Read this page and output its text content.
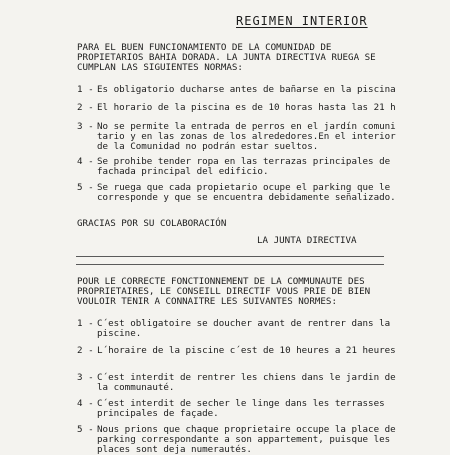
REGIMEN INTERIOR
PARA EL BUEN FUNCIONAMIENTO DE LA COMUNIDAD DE
PROPIETARIOS BAHIA DORADA. LA JUNTA DIRECTIVA RUEGA SE
CUMPLAN LAS SIGUIENTES NORMAS:
1 - Es obligatorio ducharse antes de bañarse en la piscina
2 - El horario de la piscina es de 10 horas hasta las 21 h
3 - No se permite la entrada de perros en el jardín comuni
tario y en las zonas de los alrededores.En el interior
de la Comunidad no podrán estar sueltos.
4 - Se prohibe tender ropa en las terrazas principales de
fachada principal del edificio.
5 - Se ruega que cada propietario ocupe el parking que le
corresponde y que se encuentra debidamente señalizado.
GRACIAS POR SU COLABORACIÓN
LA JUNTA DIRECTIVA
POUR LE CORRECTE FONCTIONNEMENT DE LA COMMUNAUTE DES
PROPRIETAIRES, LE CONSEILL DIRECTIF VOUS PRIE DE BIEN
VOULOIR TENIR A CONNAITRE LES SUIVANTES NORMES:
1 - C´est obligatoire se doucher avant de rentrer dans la
piscine.
2 - L´horaire de la piscine c´est de 10 heures a 21 heures
3 - C´est interdit de rentrer les chiens dans le jardin de
la communauté.
4 - C´est interdit de secher le linge dans les terrasses
principales de façade.
5 - Nous prions que chaque proprietaire occupe la place de
parking correspondante a son appartement, puisque les
places sont deja numerautés.
